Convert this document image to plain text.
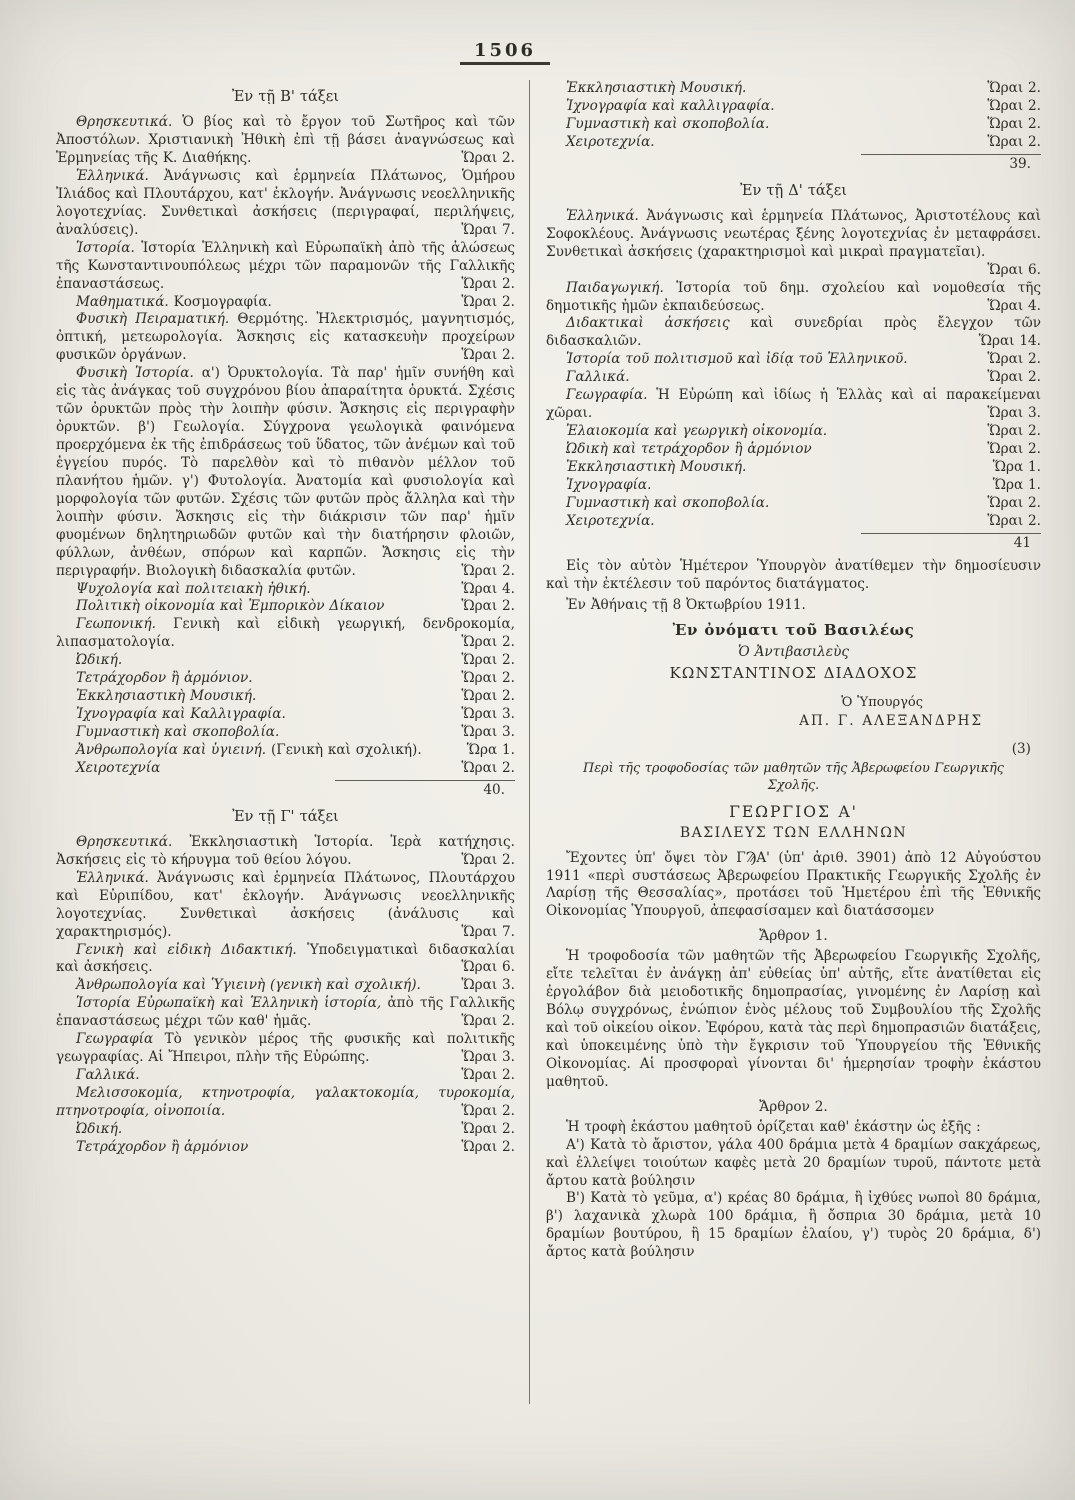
1506
Ἐν τῇ Β' τάξει

Θρησκευτικά. Ὁ βίος καὶ τὸ ἔργον τοῦ Σωτῆρος καὶ τῶν Ἀποστόλων. Χριστιανικὴ Ἠθικὴ ἐπὶ τῇ βάσει ἀναγνώσεως καὶ Ἑρμηνείας τῆς Κ. Διαθήκης.	Ὥραι 2.

Ἑλληνικά. Ἀνάγνωσις καὶ ἑρμηνεία Πλάτωνος, Ὁμήρου Ἰλιάδος καὶ Πλουτάρχου, κατ' ἐκλογήν. Ἀνάγνωσις νεοελληνικῆς λογοτεχνίας. Συνθετικαὶ ἀσκήσεις (περιγραφαί, περιλήψεις, ἀναλύσεις).	Ὥραι 7.

Ἱστορία. Ἱστορία Ἑλληνικὴ καὶ Εὐρωπαϊκὴ ἀπὸ τῆς ἁλώσεως τῆς Κωνσταντινουπόλεως μέχρι τῶν παραμονῶν τῆς Γαλλικῆς ἐπαναστάσεως.	Ὥραι 2.

Μαθηματικά. Κοσμογραφία.	Ὥραι 2.

Φυσικὴ Πειραματική. Θερμότης. Ἠλεκτρισμός, μαγνητισμός, ὀπτική, μετεωρολογία. Ἄσκησις εἰς κατασκευὴν προχείρων φυσικῶν ὀργάνων.	Ὥραι 2.

Φυσικὴ Ἱστορία. α') Ὀρυκτολογία. Τὰ παρ' ἡμῖν συνήθη καὶ εἰς τὰς ἀνάγκας τοῦ συγχρόνου βίου ἀπαραίτητα ὀρυκτά. Σχέσις τῶν ὀρυκτῶν πρὸς τὴν λοιπὴν φύσιν. Ἄσκησις εἰς περιγραφὴν ὀρυκτῶν. β') Γεωλογία. Σύγχρονα γεωλογικὰ φαινόμενα προερχόμενα ἐκ τῆς ἐπιδράσεως τοῦ ὕδατος, τῶν ἀνέμων καὶ τοῦ ἐγγείου πυρός. Τὸ παρελθὸν καὶ τὸ πιθανὸν μέλλον τοῦ πλανήτου ἡμῶν. γ') Φυτολογία. Ἀνατομία καὶ φυσιολογία καὶ μορφολογία τῶν φυτῶν. Σχέσις τῶν φυτῶν πρὸς ἄλληλα καὶ τὴν λοιπὴν φύσιν. Ἄσκησις εἰς τὴν διάκρισιν τῶν παρ' ἡμῖν φυομένων δηλητηριωδῶν φυτῶν καὶ τὴν διατήρησιν φλοιῶν, φύλλων, ἀνθέων, σπόρων καὶ καρπῶν. Ἄσκησις εἰς τὴν περιγραφήν. Βιολογικὴ διδασκαλία φυτῶν.	Ὥραι 2.

Ψυχολογία καὶ πολιτειακὴ ἠθική.	Ὥραι 4.

Πολιτικὴ οἰκονομία καὶ Ἐμπορικὸν Δίκαιον	Ὥραι 2.

Γεωπονική. Γενικὴ καὶ εἰδικὴ γεωργική, δενδροκομία, λιπασματολογία.	Ὥραι 2.

Ὠδική.	Ὥραι 2.

Τετράχορδον ἢ ἁρμόνιον.	Ὥραι 2.

Ἐκκλησιαστικὴ Μουσική.	Ὥραι 2.

Ἰχνογραφία καὶ Καλλιγραφία.	Ὥραι 3.

Γυμναστικὴ καὶ σκοποβολία.	Ὥραι 3.

Ἀνθρωπολογία καὶ ὑγιεινή. (Γενικὴ καὶ σχολική).	Ὥρα 1.

Χειροτεχνία	Ὥραι 2.

40.
Ἐν τῇ Γ' τάξει

Θρησκευτικά. Ἐκκλησιαστικὴ Ἱστορία. Ἱερὰ κατήχησις. Ἀσκήσεις εἰς τὸ κήρυγμα τοῦ θείου λόγου.	Ὥραι 2.

Ἑλληνικά. Ἀνάγνωσις καὶ ἑρμηνεία Πλάτωνος, Πλουτάρχου καὶ Εὐριπίδου, κατ' ἐκλογήν. Ἀνάγνωσις νεοελληνικῆς λογοτεχνίας. Συνθετικαὶ ἀσκήσεις (ἀνάλυσις καὶ χαρακτηρισμός).	Ὥραι 7.

Γενικὴ καὶ εἰδικὴ Διδακτική. Ὑποδειγματικαὶ διδασκαλίαι καὶ ἀσκήσεις.	Ὥραι 6.

Ἀνθρωπολογία καὶ Ὑγιεινὴ (γενικὴ καὶ σχολική).	Ὥραι 3.

Ἱστορία Εὐρωπαϊκὴ καὶ Ἑλληνικὴ ἱστορία, ἀπὸ τῆς Γαλλικῆς ἐπαναστάσεως μέχρι τῶν καθ' ἡμᾶς.	Ὥραι 2.

Γεωγραφία Τὸ γενικὸν μέρος τῆς φυσικῆς καὶ πολιτικῆς γεωγραφίας. Αἱ Ἤπειροι, πλὴν τῆς Εὐρώπης.	Ὥραι 3.

Γαλλικά.	Ὥραι 2.

Μελισσοκομία, κτηνοτροφία, γαλακτοκομία, τυροκομία, πτηνοτροφία, οἰνοποιία.	Ὥραι 2.

Ὠδική.	Ὥραι 2.

Τετράχορδον ἢ ἁρμόνιον	Ὥραι 2.

Ἐκκλησιαστικὴ Μουσική.	Ὥραι 2.

Ἰχνογραφία καὶ καλλιγραφία.	Ὥραι 2.

Γυμναστικὴ καὶ σκοποβολία.	Ὥραι 2.

Χειροτεχνία.	Ὥραι 2.

39.
Ἐν τῇ Δ' τάξει

Ἑλληνικά. Ἀνάγνωσις καὶ ἑρμηνεία Πλάτωνος, Ἀριστοτέλους καὶ Σοφοκλέους. Ἀνάγνωσις νεωτέρας ξένης λογοτεχνίας ἐν μεταφράσει. Συνθετικαὶ ἀσκήσεις (χαρακτηρισμοὶ καὶ μικραὶ πραγματεῖαι).
Ὥραι 6.

Παιδαγωγική. Ἱστορία τοῦ δημ. σχολείου καὶ νομοθεσία τῆς δημοτικῆς ἡμῶν ἐκπαιδεύσεως.	Ὥραι 4.

Διδακτικαὶ ἀσκήσεις καὶ συνεδρίαι πρὸς ἔλεγχον τῶν διδασκαλιῶν.	Ὥραι 14.

Ἱστορία τοῦ πολιτισμοῦ καὶ ἰδίᾳ τοῦ Ἑλληνικοῦ.	Ὥραι 2.

Γαλλικά.	Ὥραι 2.

Γεωγραφία. Ἡ Εὐρώπη καὶ ἰδίως ἡ Ἑλλὰς καὶ αἱ παρακείμεναι χῶραι.	Ὥραι 3.

Ἐλαιοκομία καὶ γεωργικὴ οἰκονομία.	Ὥραι 2.

Ὠδικὴ καὶ τετράχορδον ἢ ἁρμόνιον	Ὥραι 2.

Ἐκκλησιαστικὴ Μουσική.	Ὥρα 1.

Ἰχνογραφία.	Ὥρα 1.

Γυμναστικὴ καὶ σκοποβολία.	Ὥραι 2.

Χειροτεχνία.	Ὥραι 2.

41

Εἰς τὸν αὐτὸν Ἡμέτερον Ὑπουργὸν ἀνατίθεμεν τὴν δημοσίευσιν καὶ τὴν ἐκτέλεσιν τοῦ παρόντος διατάγματος.

Ἐν Ἀθήναις τῇ 8 Ὀκτωβρίου 1911.

Ἐν ὀνόματι τοῦ Βασιλέως

Ὁ Ἀντιβασιλεὺς

ΚΩΝΣΤΑΝΤΙΝΟΣ ΔΙΑΔΟΧΟΣ

Ὁ Ὑπουργός

ΑΠ. Γ. ΑΛΕΞΑΝΔΡΗΣ

(3)

Περὶ τῆς τροφοδοσίας τῶν μαθητῶν τῆς Ἀβερωφείου Γεωργικῆς Σχολῆς.

ΓΕΩΡΓΙΟΣ Α'

ΒΑΣΙΛΕΥΣ ΤΩΝ ΕΛΛΗΝΩΝ

Ἔχοντες ὑπ' ὄψει τὸν ΓϠΑ' (ὑπ' ἀριθ. 3901) ἀπὸ 12 Αὐγούστου 1911 «περὶ συστάσεως Ἀβερωφείου Πρακτικῆς Γεωργικῆς Σχολῆς ἐν Λαρίσῃ τῆς Θεσσαλίας», προτάσει τοῦ Ἡμετέρου ἐπὶ τῆς Ἐθνικῆς Οἰκονομίας Ὑπουργοῦ, ἀπεφασίσαμεν καὶ διατάσσομεν

Ἄρθρον 1.

Ἡ τροφοδοσία τῶν μαθητῶν τῆς Ἀβερωφείου Γεωργικῆς Σχολῆς, εἴτε τελεῖται ἐν ἀνάγκῃ ἀπ' εὐθείας ὑπ' αὐτῆς, εἴτε ἀνατίθεται εἰς ἐργολάβον διὰ μειοδοτικῆς δημοπρασίας, γινομένης ἐν Λαρίσῃ καὶ Βόλῳ συγχρόνως, ἐνώπιον ἑνὸς μέλους τοῦ Συμβουλίου τῆς Σχολῆς καὶ τοῦ οἰκείου οἰκον. Ἐφόρου, κατὰ τὰς περὶ δημοπρασιῶν διατάξεις, καὶ ὑποκειμένης ὑπὸ τὴν ἔγκρισιν τοῦ Ὑπουργείου τῆς Ἐθνικῆς Οἰκονομίας. Αἱ προσφοραὶ γίνονται δι' ἡμερησίαν τροφὴν ἑκάστου μαθητοῦ.

Ἄρθρον 2.

Ἡ τροφὴ ἑκάστου μαθητοῦ ὁρίζεται καθ' ἑκάστην ὡς ἑξῆς :

Α') Κατὰ τὸ ἄριστον, γάλα 400 δράμια μετὰ 4 δραμίων σακχάρεως, καὶ ἐλλείψει τοιούτων καφὲς μετὰ 20 δραμίων τυροῦ, πάντοτε μετὰ ἄρτου κατὰ βούλησιν

Β') Κατὰ τὸ γεῦμα, α') κρέας 80 δράμια, ἢ ἰχθύες νωποὶ 80 δράμια, β') λαχανικὰ χλωρὰ 100 δράμια, ἢ ὄσπρια 30 δράμια, μετὰ 10 δραμίων βουτύρου, ἢ 15 δραμίων ἐλαίου, γ') τυρὸς 20 δράμια, δ') ἄρτος κατὰ βούλησιν
